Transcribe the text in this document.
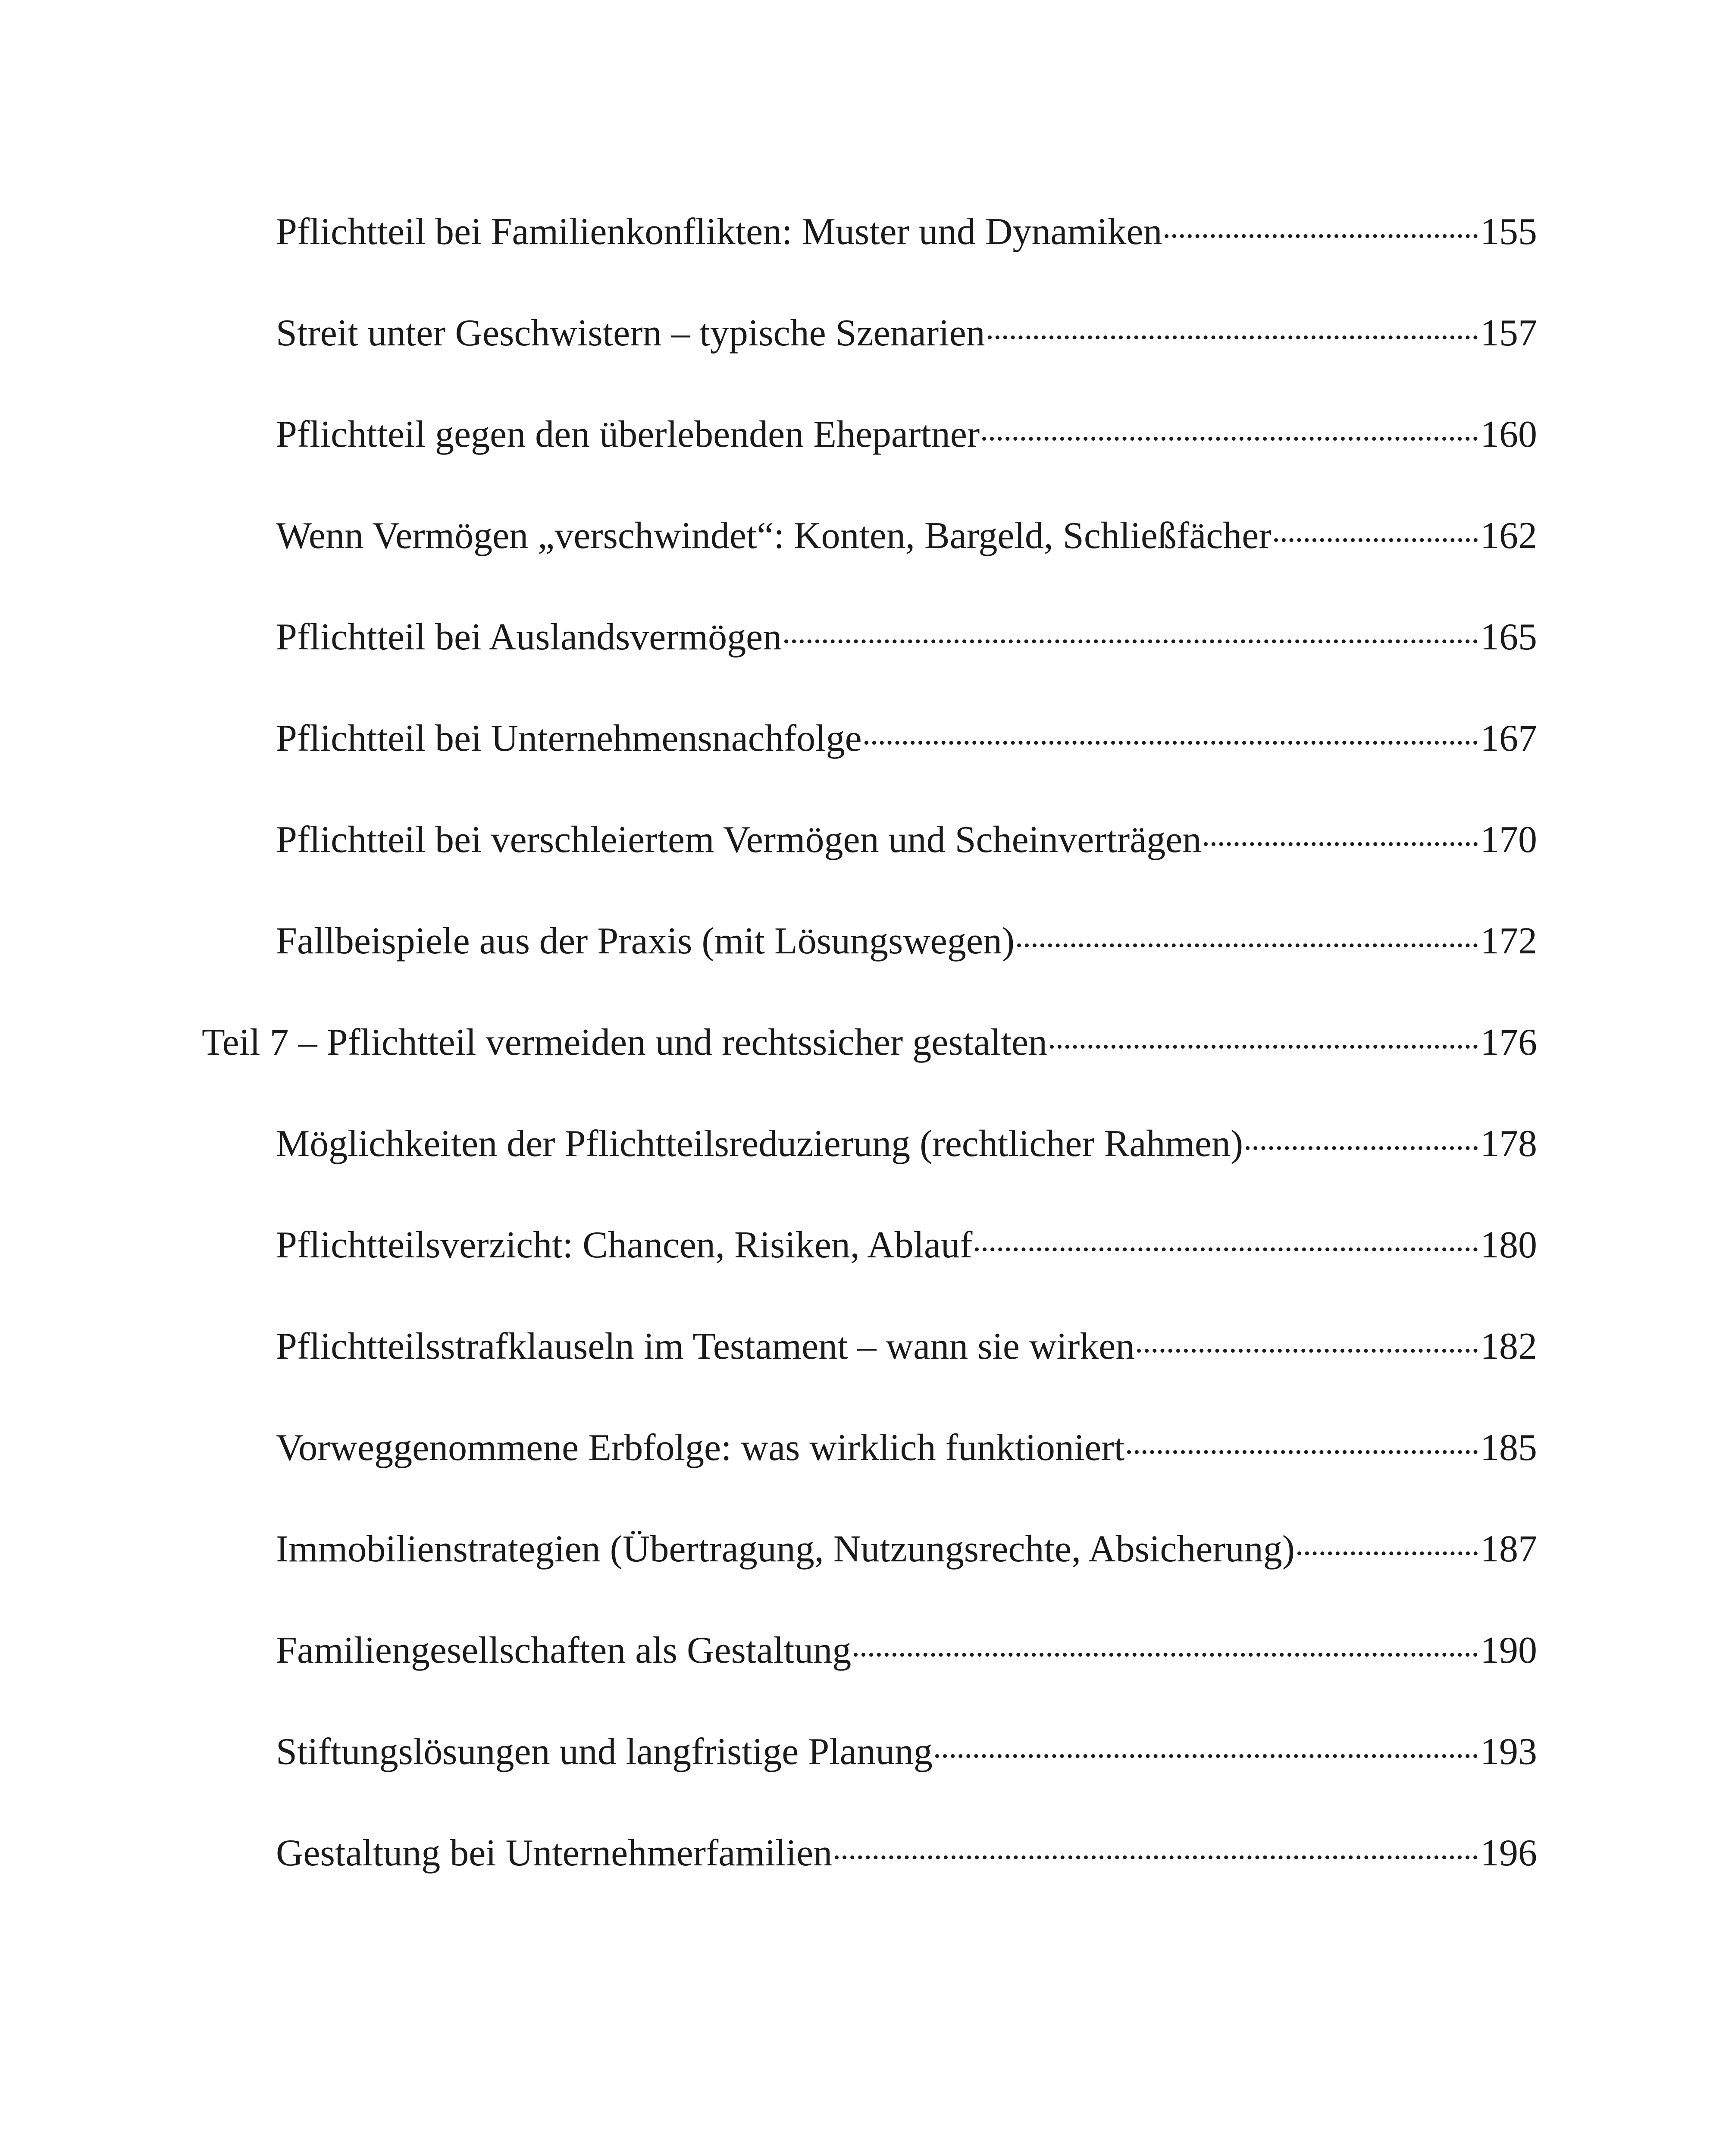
Pflichtteil bei Familienkonflikten: Muster und Dynamiken	155
Streit unter Geschwistern – typische Szenarien	157
Pflichtteil gegen den überlebenden Ehepartner	160
Wenn Vermögen „verschwindet“: Konten, Bargeld, Schließfächer	162
Pflichtteil bei Auslandsvermögen	165
Pflichtteil bei Unternehmensnachfolge	167
Pflichtteil bei verschleiertem Vermögen und Scheinverträgen	170
Fallbeispiele aus der Praxis (mit Lösungswegen)	172
Teil 7 – Pflichtteil vermeiden und rechtssicher gestalten	176
Möglichkeiten der Pflichtteilsreduzierung (rechtlicher Rahmen)	178
Pflichtteilsverzicht: Chancen, Risiken, Ablauf	180
Pflichtteilsstrafklauseln im Testament – wann sie wirken	182
Vorweggenommene Erbfolge: was wirklich funktioniert	185
Immobilienstrategien (Übertragung, Nutzungsrechte, Absicherung)	187
Familiengesellschaften als Gestaltung	190
Stiftungslösungen und langfristige Planung	193
Gestaltung bei Unternehmerfamilien	196
